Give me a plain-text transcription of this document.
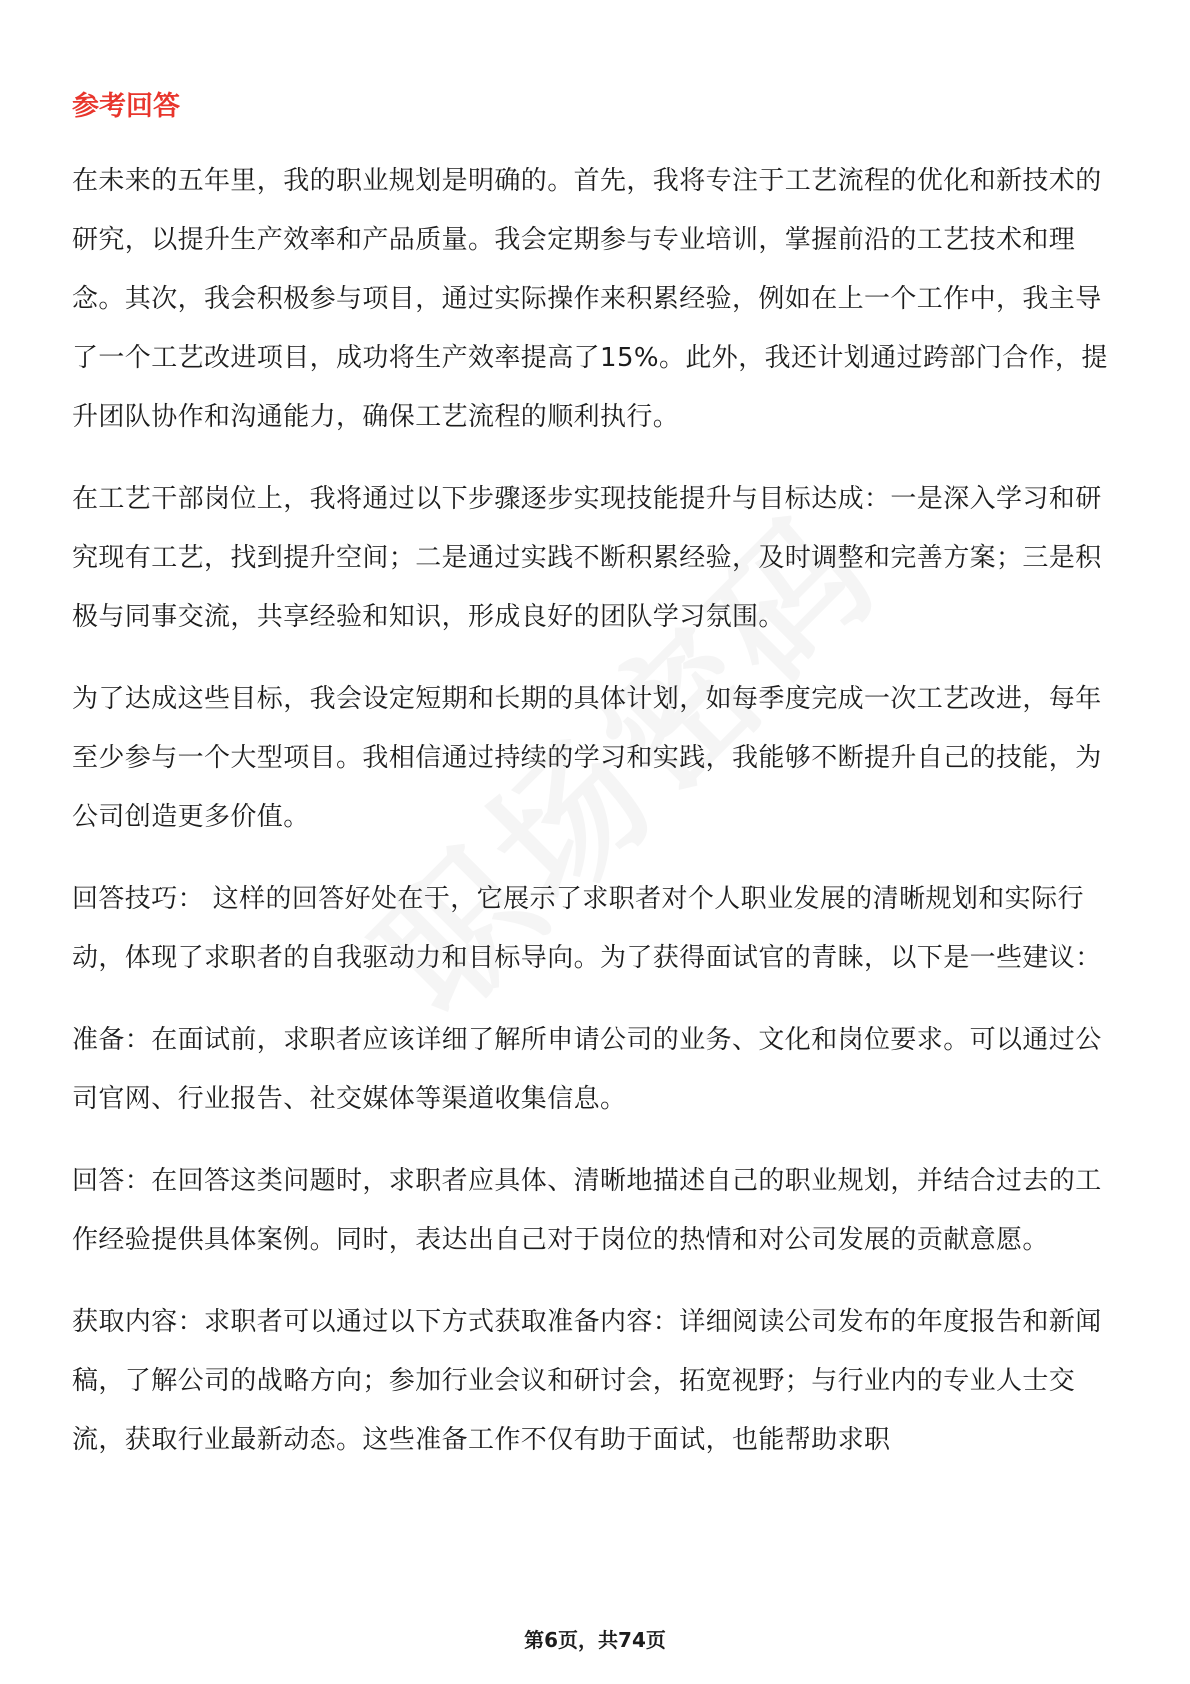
参考回答

在未来的五年里，我的职业规划是明确的。首先，我将专注于工艺流程的优化和新技术的研究，以提升生产效率和产品质量。我会定期参与专业培训，掌握前沿的工艺技术和理念。其次，我会积极参与项目，通过实际操作来积累经验，例如在上一个工作中，我主导了一个工艺改进项目，成功将生产效率提高了15%。此外，我还计划通过跨部门合作，提升团队协作和沟通能力，确保工艺流程的顺利执行。

在工艺干部岗位上，我将通过以下步骤逐步实现技能提升与目标达成：一是深入学习和研究现有工艺，找到提升空间；二是通过实践不断积累经验，及时调整和完善方案；三是积极与同事交流，共享经验和知识，形成良好的团队学习氛围。

为了达成这些目标，我会设定短期和长期的具体计划，如每季度完成一次工艺改进，每年至少参与一个大型项目。我相信通过持续的学习和实践，我能够不断提升自己的技能，为公司创造更多价值。

回答技巧： 这样的回答好处在于，它展示了求职者对个人职业发展的清晰规划和实际行动，体现了求职者的自我驱动力和目标导向。为了获得面试官的青睐，以下是一些建议：

准备：在面试前，求职者应该详细了解所申请公司的业务、文化和岗位要求。可以通过公司官网、行业报告、社交媒体等渠道收集信息。

回答：在回答这类问题时，求职者应具体、清晰地描述自己的职业规划，并结合过去的工作经验提供具体案例。同时，表达出自己对于岗位的热情和对公司发展的贡献意愿。

获取内容：求职者可以通过以下方式获取准备内容：详细阅读公司发布的年度报告和新闻稿，了解公司的战略方向；参加行业会议和研讨会，拓宽视野；与行业内的专业人士交流，获取行业最新动态。这些准备工作不仅有助于面试，也能帮助求职

第6页，共74页
